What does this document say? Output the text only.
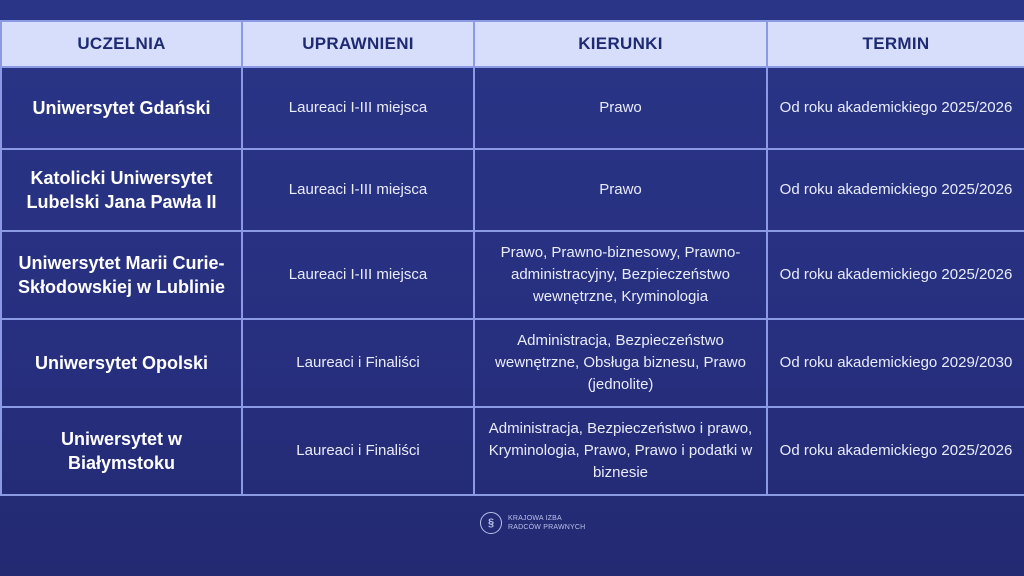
UCZELNIA	UPRAWNIENI	KIERUNKI	TERMIN
Uniwersytet Gdański	Laureaci I-III miejsca	Prawo	Od roku akademickiego 2025/2026
Katolicki Uniwersytet Lubelski Jana Pawła II	Laureaci I-III miejsca	Prawo	Od roku akademickiego 2025/2026
Uniwersytet Marii Curie-Skłodowskiej w Lublinie	Laureaci I-III miejsca	Prawo, Prawno-biznesowy, Prawno-administracyjny, Bezpieczeństwo wewnętrzne, Kryminologia	Od roku akademickiego 2025/2026
Uniwersytet Opolski	Laureaci i Finaliści	Administracja, Bezpieczeństwo wewnętrzne, Obsługa biznesu, Prawo (jednolite)	Od roku akademickiego 2029/2030
Uniwersytet w Białymstoku	Laureaci i Finaliści	Administracja, Bezpieczeństwo i prawo, Kryminologia, Prawo, Prawo i podatki w biznesie	Od roku akademickiego 2025/2026
§	KRAJOWA IZBA
RADCÓW PRAWNYCH
